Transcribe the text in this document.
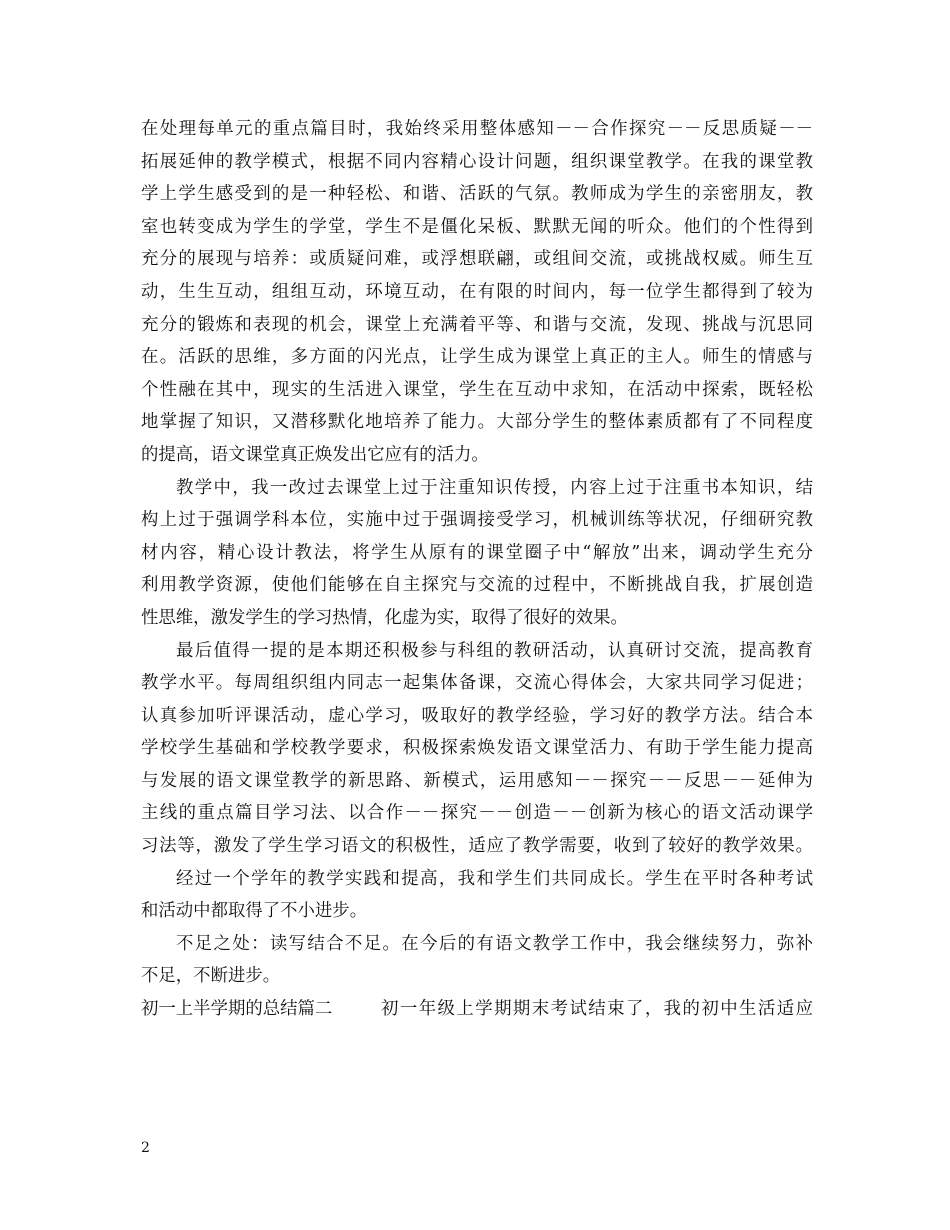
在处理每单元的重点篇目时，我始终采用整体感知－－合作探究－－反思质疑－－
拓展延伸的教学模式，根据不同内容精心设计问题，组织课堂教学。在我的课堂教
学上学生感受到的是一种轻松、和谐、活跃的气氛。教师成为学生的亲密朋友，教
室也转变成为学生的学堂，学生不是僵化呆板、默默无闻的听众。他们的个性得到
充分的展现与培养：或质疑问难，或浮想联翩，或组间交流，或挑战权威。师生互
动，生生互动，组组互动，环境互动，在有限的时间内，每一位学生都得到了较为
充分的锻炼和表现的机会，课堂上充满着平等、和谐与交流，发现、挑战与沉思同
在。活跃的思维，多方面的闪光点，让学生成为课堂上真正的主人。师生的情感与
个性融在其中，现实的生活进入课堂，学生在互动中求知，在活动中探索，既轻松
地掌握了知识，又潜移默化地培养了能力。大部分学生的整体素质都有了不同程度
的提高，语文课堂真正焕发出它应有的活力。
教学中，我一改过去课堂上过于注重知识传授，内容上过于注重书本知识，结
构上过于强调学科本位，实施中过于强调接受学习，机械训练等状况，仔细研究教
材内容，精心设计教法，将学生从原有的课堂圈子中“解放”出来，调动学生充分
利用教学资源，使他们能够在自主探究与交流的过程中，不断挑战自我，扩展创造
性思维，激发学生的学习热情，化虚为实，取得了很好的效果。
最后值得一提的是本期还积极参与科组的教研活动，认真研讨交流，提高教育
教学水平。每周组织组内同志一起集体备课，交流心得体会，大家共同学习促进；
认真参加听评课活动，虚心学习，吸取好的教学经验，学习好的教学方法。结合本
学校学生基础和学校教学要求，积极探索焕发语文课堂活力、有助于学生能力提高
与发展的语文课堂教学的新思路、新模式，运用感知－－探究－－反思－－延伸为
主线的重点篇目学习法、以合作－－探究－－创造－－创新为核心的语文活动课学
习法等，激发了学生学习语文的积极性，适应了教学需要，收到了较好的教学效果。
经过一个学年的教学实践和提高，我和学生们共同成长。学生在平时各种考试
和活动中都取得了不小进步。
不足之处：读写结合不足。在今后的有语文教学工作中，我会继续努力，弥补
不足，不断进步。
初一上半学期的总结篇二	初一年级上学期期末考试结束了，我的初中生活适应
2
